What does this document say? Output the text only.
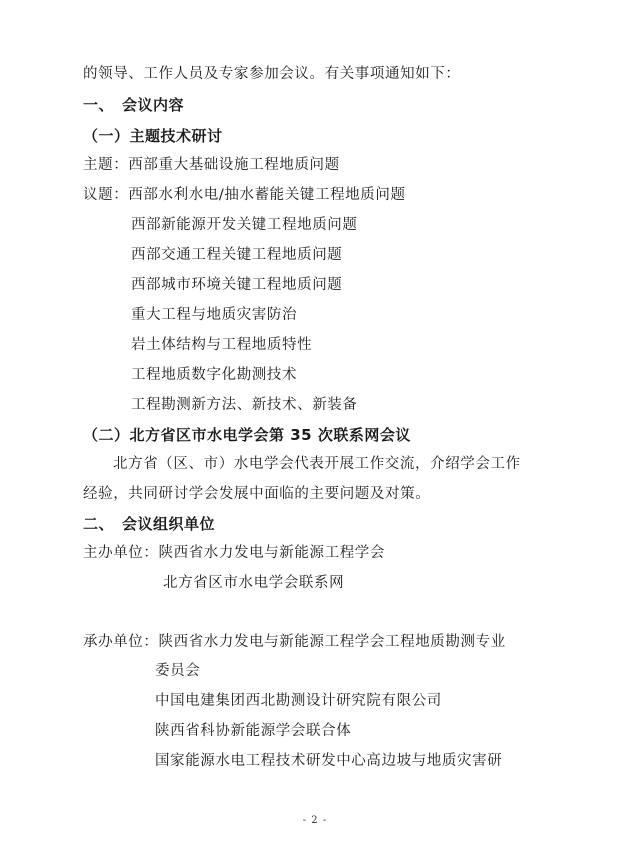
的领导、工作人员及专家参加会议。有关事项通知如下：
一、　会议内容
（一）主题技术研讨
主题：西部重大基础设施工程地质问题
议题：西部水利水电/抽水蓄能关键工程地质问题
西部新能源开发关键工程地质问题
西部交通工程关键工程地质问题
西部城市环境关键工程地质问题
重大工程与地质灾害防治
岩土体结构与工程地质特性
工程地质数字化勘测技术
工程勘测新方法、新技术、新装备
（二）北方省区市水电学会第 35 次联系网会议
北方省（区、市）水电学会代表开展工作交流，介绍学会工作
经验，共同研讨学会发展中面临的主要问题及对策。
二、　会议组织单位
主办单位：陕西省水力发电与新能源工程学会
北方省区市水电学会联系网
承办单位：陕西省水力发电与新能源工程学会工程地质勘测专业
委员会
中国电建集团西北勘测设计研究院有限公司
陕西省科协新能源学会联合体
国家能源水电工程技术研发中心高边坡与地质灾害研
- 2 -
